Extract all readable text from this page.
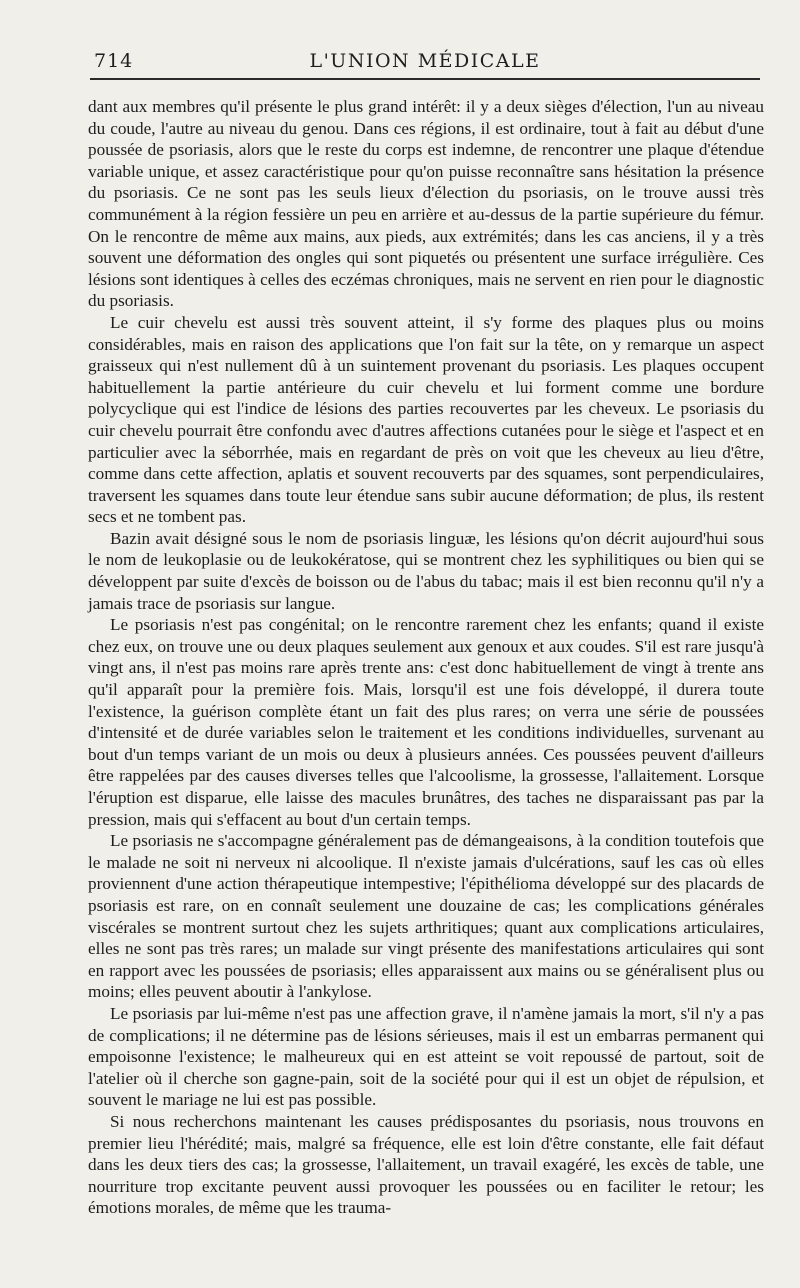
714	L'UNION MÉDICALE

dant aux membres qu'il présente le plus grand intérêt: il y a deux sièges d'élection, l'un au niveau du coude, l'autre au niveau du genou. Dans ces régions, il est ordinaire, tout à fait au début d'une poussée de psoriasis, alors que le reste du corps est indemne, de rencontrer une plaque d'étendue variable unique, et assez caractéristique pour qu'on puisse reconnaître sans hésitation la présence du psoriasis. Ce ne sont pas les seuls lieux d'élection du psoriasis, on le trouve aussi très communément à la région fessière un peu en arrière et au-dessus de la partie supérieure du fémur. On le rencontre de même aux mains, aux pieds, aux extrémités; dans les cas anciens, il y a très souvent une déformation des ongles qui sont piquetés ou présentent une surface irrégulière. Ces lésions sont identiques à celles des eczémas chroniques, mais ne servent en rien pour le diagnostic du psoriasis.

Le cuir chevelu est aussi très souvent atteint, il s'y forme des plaques plus ou moins considérables, mais en raison des applications que l'on fait sur la tête, on y remarque un aspect graisseux qui n'est nullement dû à un suintement provenant du psoriasis. Les plaques occupent habituellement la partie antérieure du cuir chevelu et lui forment comme une bordure polycyclique qui est l'indice de lésions des parties recouvertes par les cheveux. Le psoriasis du cuir chevelu pourrait être confondu avec d'autres affections cutanées pour le siège et l'aspect et en particulier avec la séborrhée, mais en regardant de près on voit que les cheveux au lieu d'être, comme dans cette affection, aplatis et souvent recouverts par des squames, sont perpendiculaires, traversent les squames dans toute leur étendue sans subir aucune déformation; de plus, ils restent secs et ne tombent pas.

Bazin avait désigné sous le nom de psoriasis linguæ, les lésions qu'on décrit aujourd'hui sous le nom de leukoplasie ou de leukokératose, qui se montrent chez les syphilitiques ou bien qui se développent par suite d'excès de boisson ou de l'abus du tabac; mais il est bien reconnu qu'il n'y a jamais trace de psoriasis sur langue.

Le psoriasis n'est pas congénital; on le rencontre rarement chez les enfants; quand il existe chez eux, on trouve une ou deux plaques seulement aux genoux et aux coudes. S'il est rare jusqu'à vingt ans, il n'est pas moins rare après trente ans: c'est donc habituellement de vingt à trente ans qu'il apparaît pour la première fois. Mais, lorsqu'il est une fois développé, il durera toute l'existence, la guérison complète étant un fait des plus rares; on verra une série de poussées d'intensité et de durée variables selon le traitement et les conditions individuelles, survenant au bout d'un temps variant de un mois ou deux à plusieurs années. Ces poussées peuvent d'ailleurs être rappelées par des causes diverses telles que l'alcoolisme, la grossesse, l'allaitement. Lorsque l'éruption est disparue, elle laisse des macules brunâtres, des taches ne disparaissant pas par la pression, mais qui s'effacent au bout d'un certain temps.

Le psoriasis ne s'accompagne généralement pas de démangeaisons, à la condition toutefois que le malade ne soit ni nerveux ni alcoolique. Il n'existe jamais d'ulcérations, sauf les cas où elles proviennent d'une action thérapeutique intempestive; l'épithélioma développé sur des placards de psoriasis est rare, on en connaît seulement une douzaine de cas; les complications générales viscérales se montrent surtout chez les sujets arthritiques; quant aux complications articulaires, elles ne sont pas très rares; un malade sur vingt présente des manifestations articulaires qui sont en rapport avec les poussées de psoriasis; elles apparaissent aux mains ou se généralisent plus ou moins; elles peuvent aboutir à l'ankylose.

Le psoriasis par lui-même n'est pas une affection grave, il n'amène jamais la mort, s'il n'y a pas de complications; il ne détermine pas de lésions sérieuses, mais il est un embarras permanent qui empoisonne l'existence; le malheureux qui en est atteint se voit repoussé de partout, soit de l'atelier où il cherche son gagne-pain, soit de la société pour qui il est un objet de répulsion, et souvent le mariage ne lui est pas possible.

Si nous recherchons maintenant les causes prédisposantes du psoriasis, nous trouvons en premier lieu l'hérédité; mais, malgré sa fréquence, elle est loin d'être constante, elle fait défaut dans les deux tiers des cas; la grossesse, l'allaitement, un travail exagéré, les excès de table, une nourriture trop excitante peuvent aussi provoquer les poussées ou en faciliter le retour; les émotions morales, de même que les trauma-
